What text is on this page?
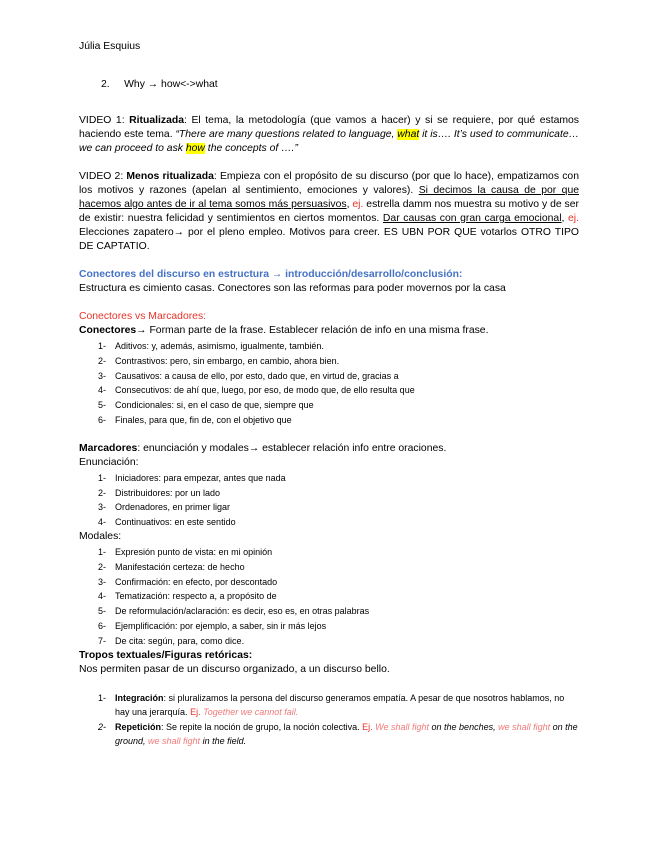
Júlia Esquius

2. Why → how<->what

VIDEO 1: Ritualizada: El tema, la metodología (que vamos a hacer) y si se requiere, por qué estamos haciendo este tema. “There are many questions related to language, what it is…. It’s used to communicate… we can proceed to ask how the concepts of ….”

VIDEO 2: Menos ritualizada: Empieza con el propósito de su discurso (por que lo hace), empatizamos con los motivos y razones (apelan al sentimiento, emociones y valores). Si decimos la causa de por que hacemos algo antes de ir al tema somos más persuasivos, ej. estrella damm nos muestra su motivo y de ser de existir: nuestra felicidad y sentimientos en ciertos momentos. Dar causas con gran carga emocional, ej. Elecciones zapatero→ por el pleno empleo. Motivos para creer. ES UBN POR QUE votarlos OTRO TIPO DE CAPTATIO.

Conectores del discurso en estructura → introducción/desarrollo/conclusión:

Estructura es cimiento casas. Conectores son las reformas para poder movernos por la casa

Conectores vs Marcadores:

Conectores→ Forman parte de la frase. Establecer relación de info en una misma frase.

1- Aditivos: y, además, asimismo, igualmente, también.
2- Contrastivos: pero, sin embargo, en cambio, ahora bien.
3- Causativos: a causa de ello, por esto, dado que, en virtud de, gracias a
4- Consecutivos: de ahí que, luego, por eso, de modo que, de ello resulta que
5- Condicionales: si, en el caso de que, siempre que
6- Finales, para que, fin de, con el objetivo que

Marcadores: enunciación y modales→ establecer relación info entre oraciones.

Enunciación:

1- Iniciadores: para empezar, antes que nada
2- Distribuidores: por un lado
3- Ordenadores, en primer ligar
4- Continuativos: en este sentido

Modales:

1- Expresión punto de vista: en mi opinión
2- Manifestación certeza: de hecho
3- Confirmación: en efecto, por descontado
4- Tematización: respecto a, a propósito de
5- De reformulación/aclaración: es decir, eso es, en otras palabras
6- Ejemplificación: por ejemplo, a saber, sin ir más lejos
7- De cita: según, para, como dice.

Tropos textuales/Figuras retóricas:

Nos permiten pasar de un discurso organizado, a un discurso bello.

1- Integración: si pluralizamos la persona del discurso generamos empatía. A pesar de que nosotros hablamos, no hay una jerarquía. Ej. Together we cannot fail.
2- Repetición: Se repite la noción de grupo, la noción colectiva. Ej. We shall fight on the benches, we shall fight on the ground, we shall fight in the field.
